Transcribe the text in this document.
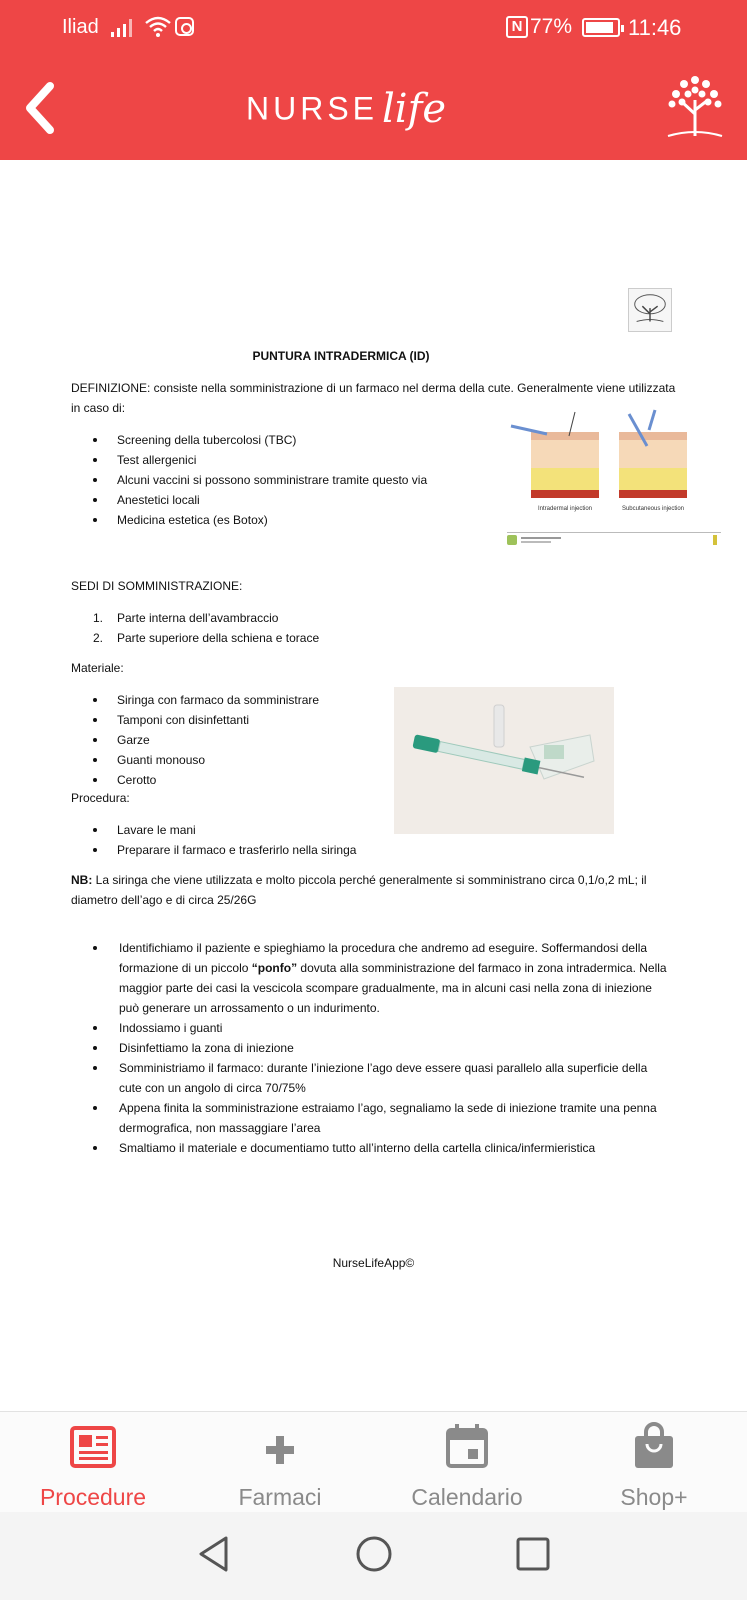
Iliad	N 77%	11:46
NURSE life
PUNTURA INTRADERMICA (ID)
DEFINIZIONE: consiste nella somministrazione di un farmaco nel derma della cute. Generalmente viene utilizzata in caso di:
Screening della tubercolosi (TBC)
Test allergenici
Alcuni vaccini si possono somministrare tramite questo via
Anestetici locali
Medicina estetica (es Botox)
Intradermal injection	Subcutaneous injection
SEDI DI SOMMINISTRAZIONE:
1. Parte interna dell’avambraccio
2. Parte superiore della schiena e torace
Materiale:
Siringa con farmaco da somministrare
Tamponi con disinfettanti
Garze
Guanti monouso
Cerotto
Procedura:
Lavare le mani
Preparare il farmaco e trasferirlo nella siringa
NB: La siringa che viene utilizzata e molto piccola perché generalmente si somministrano circa 0,1/o,2 mL; il diametro dell’ago e di circa 25/26G
Identifichiamo il paziente e spieghiamo la procedura che andremo ad eseguire. Soffermandosi della formazione di un piccolo “ponfo” dovuta alla somministrazione del farmaco in zona intradermica. Nella maggior parte dei casi la vescicola scompare gradualmente, ma in alcuni casi nella zona di iniezione può generare un arrossamento o un indurimento.
Indossiamo i guanti
Disinfettiamo la zona di iniezione
Somministriamo il farmaco: durante l’iniezione l’ago deve essere quasi parallelo alla superficie della cute con un angolo di circa 70/75%
Appena finita la somministrazione estraiamo l’ago, segnaliamo la sede di iniezione tramite una penna dermografica, non massaggiare l’area
Smaltiamo il materiale e documentiamo tutto all’interno della cartella clinica/infermieristica
NurseLifeApp©
Procedure	Farmaci	Calendario	Shop+
